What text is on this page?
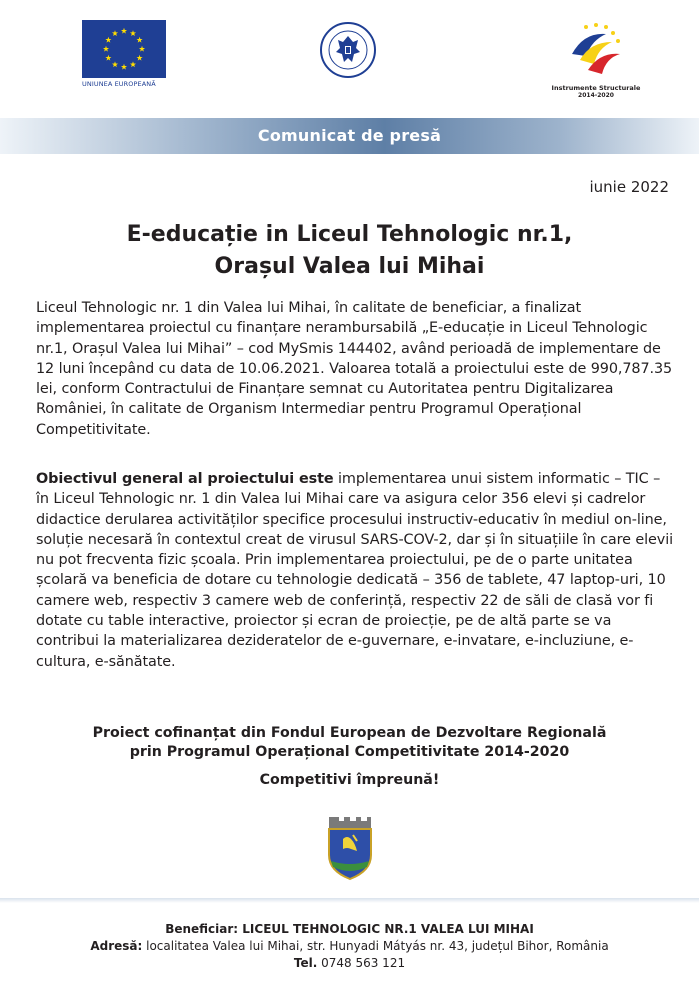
UNIUNEA EUROPEANĂ	Instrumente Structurale
2014-2020
Comunicat de presă
iunie 2022
E-educație in Liceul Tehnologic nr.1,
Orașul Valea lui Mihai
Liceul Tehnologic nr. 1 din Valea lui Mihai, în calitate de beneficiar, a finalizat implementarea proiectul cu finanțare nerambursabilă „E-educație in Liceul Tehnologic nr.1, Orașul Valea lui Mihai” – cod MySmis 144402, având perioadă de implementare de 12 luni începând cu data de 10.06.2021. Valoarea totală a proiectului este de 990,787.35 lei, conform Contractului de Finanțare semnat cu Autoritatea pentru Digitalizarea României, în calitate de Organism Intermediar pentru Programul Operațional Competitivitate.
Obiectivul general al proiectului este implementarea unui sistem informatic – TIC – în Liceul Tehnologic nr. 1 din Valea lui Mihai care va asigura celor 356 elevi și cadrelor didactice derularea activităților specifice procesului instructiv-educativ în mediul on-line, soluție necesară în contextul creat de virusul SARS-COV-2, dar și în situațiile în care elevii nu pot frecventa fizic școala. Prin implementarea proiectului, pe de o parte unitatea școlară va beneficia de dotare cu tehnologie dedicată – 356 de tablete, 47 laptop-uri, 10 camere web, respectiv 3 camere web de conferință, respectiv 22 de săli de clasă vor fi dotate cu table interactive, proiector și ecran de proiecție, pe de altă parte se va contribui la materializarea dezideratelor de e-guvernare, e-invatare, e-incluziune, e-cultura, e-sănătate.
Proiect cofinanțat din Fondul European de Dezvoltare Regională
prin Programul Operațional Competitivitate 2014-2020
Competitivi împreună!
Beneficiar: LICEUL TEHNOLOGIC NR.1 VALEA LUI MIHAI
Adresă: localitatea Valea lui Mihai, str. Hunyadi Mátyás nr. 43, județul Bihor, România
Tel. 0748 563 121
